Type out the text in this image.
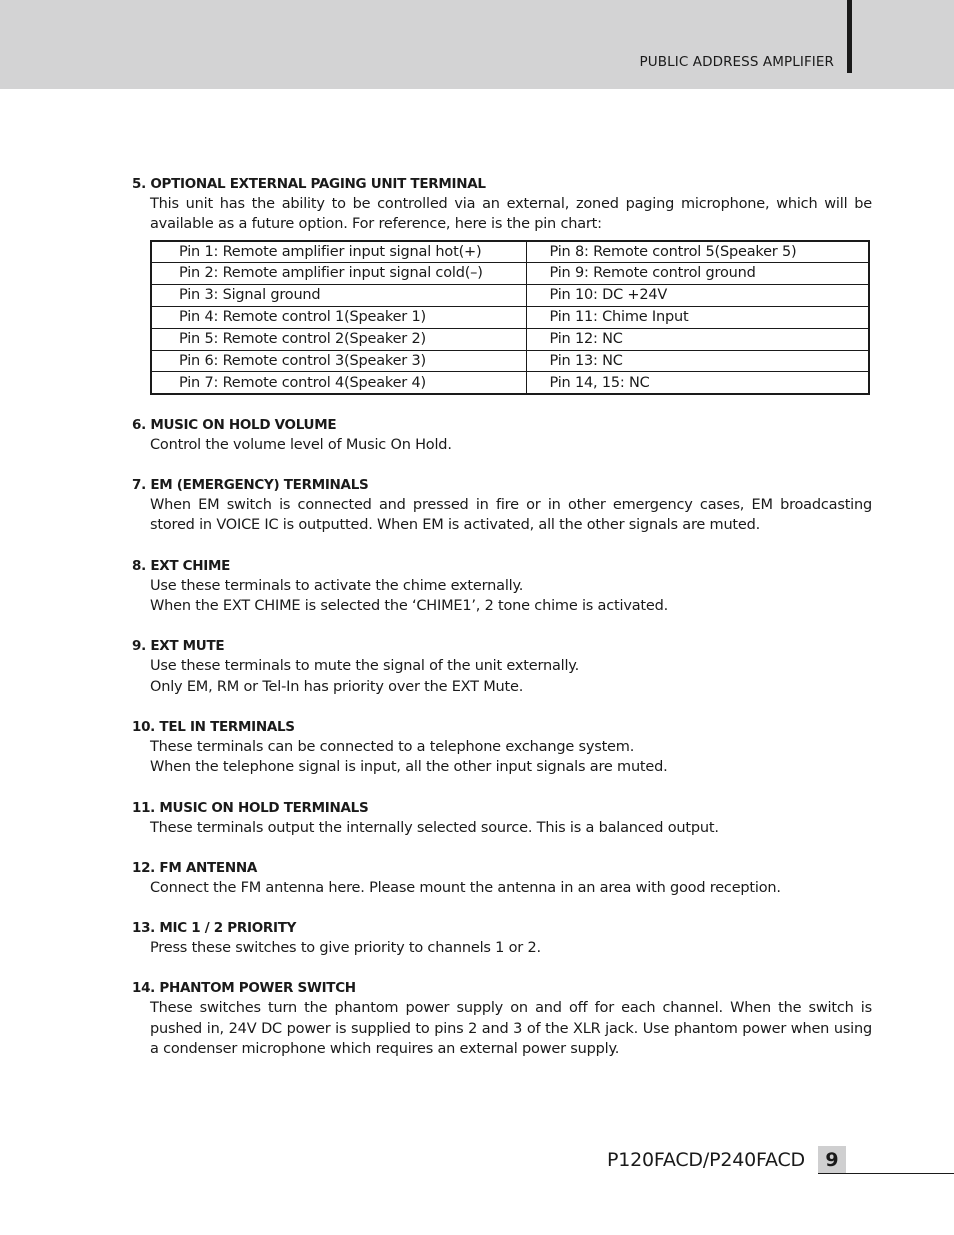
PUBLIC ADDRESS AMPLIFIER
5. OPTIONAL EXTERNAL PAGING UNIT TERMINAL

This unit has the ability to be controlled via an external, zoned paging microphone, which will be available as a future option. For reference, here is the pin chart:

Pin 1: Remote amplifier input signal hot(+)	Pin 8: Remote control 5(Speaker 5)
Pin 2: Remote amplifier input signal cold(–)	Pin 9: Remote control ground
Pin 3: Signal ground	Pin 10: DC +24V
Pin 4: Remote control 1(Speaker 1)	Pin 11: Chime Input
Pin 5: Remote control 2(Speaker 2)	Pin 12: NC
Pin 6: Remote control 3(Speaker 3)	Pin 13: NC
Pin 7: Remote control 4(Speaker 4)	Pin 14, 15: NC
6. MUSIC ON HOLD VOLUME

Control the volume level of Music On Hold.

7. EM (EMERGENCY) TERMINALS

When EM switch is connected and pressed in fire or in other emergency cases, EM broadcasting stored in VOICE IC is outputted. When EM is activated, all the other signals are muted.

8. EXT CHIME

Use these terminals to activate the chime externally.

When the EXT CHIME is selected the ‘CHIME1’, 2 tone chime is activated.

9. EXT MUTE

Use these terminals to mute the signal of the unit externally.

Only EM, RM or Tel-In has priority over the EXT Mute.

10. TEL IN TERMINALS

These terminals can be connected to a telephone exchange system.

When the telephone signal is input, all the other input signals are muted.

11. MUSIC ON HOLD TERMINALS

These terminals output the internally selected source. This is a balanced output.

12. FM ANTENNA

Connect the FM antenna here. Please mount the antenna in an area with good reception.

13. MIC 1 / 2 PRIORITY

Press these switches to give priority to channels 1 or 2.

14. PHANTOM POWER SWITCH

These switches turn the phantom power supply on and off for each channel. When the switch is pushed in, 24V DC power is supplied to pins 2 and 3 of the XLR jack. Use phantom power when using a condenser microphone which requires an external power supply.

P120FACD/P240FACD	9
